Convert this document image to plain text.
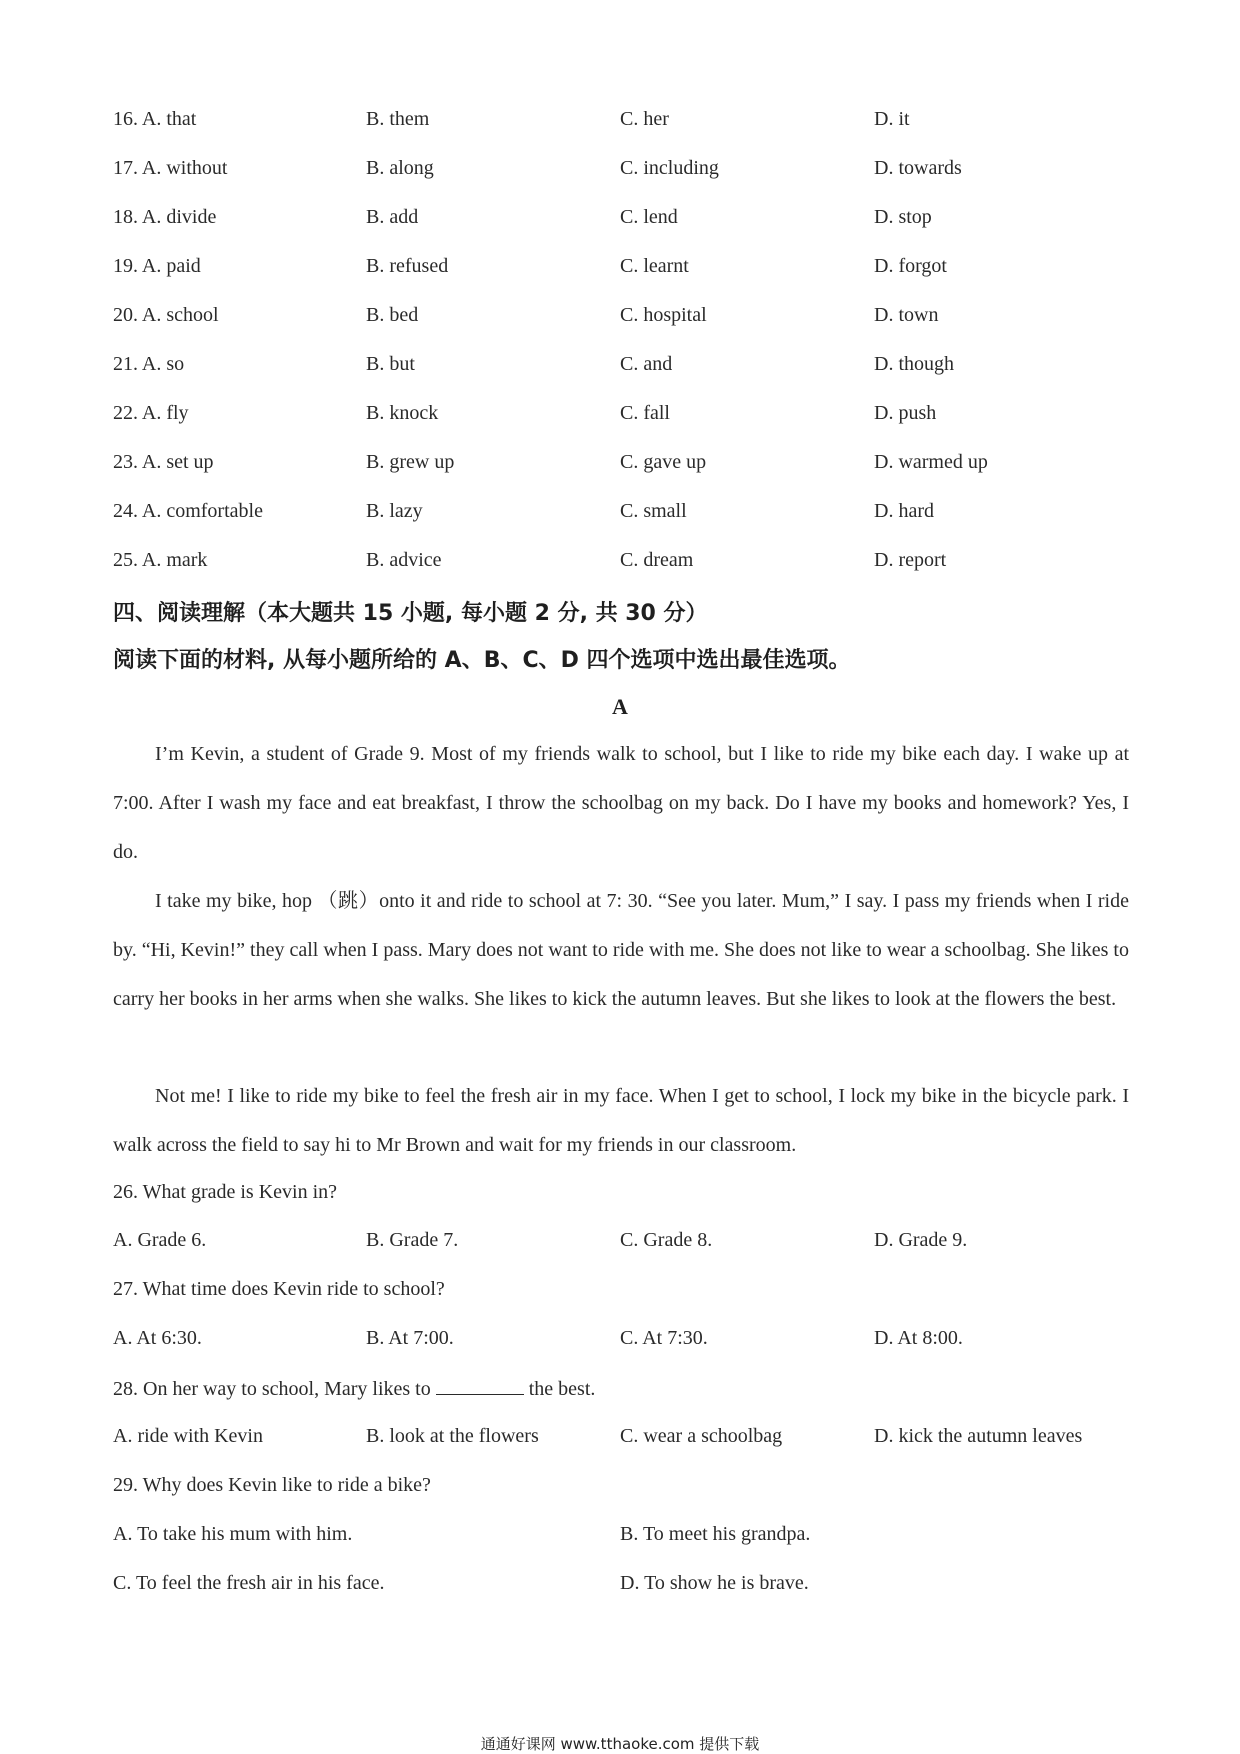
16. A. that	B. them	C. her	D. it
17. A. without	B. along	C. including	D. towards
18. A. divide	B. add	C. lend	D. stop
19. A. paid	B. refused	C. learnt	D. forgot
20. A. school	B. bed	C. hospital	D. town
21. A. so	B. but	C. and	D. though
22. A. fly	B. knock	C. fall	D. push
23. A. set up	B. grew up	C. gave up	D. warmed up
24. A. comfortable	B. lazy	C. small	D. hard
25. A. mark	B. advice	C. dream	D. report
四、阅读理解（本大题共 15 小题, 每小题 2 分, 共 30 分）
阅读下面的材料, 从每小题所给的 A、B、C、D 四个选项中选出最佳选项。
A
I’m Kevin, a student of Grade 9. Most of my friends walk to school, but I like to ride my bike each day. I wake up at 7:00. After I wash my face and eat breakfast, I throw the schoolbag on my back. Do I have my books and homework? Yes, I do.
I take my bike, hop （跳）onto it and ride to school at 7: 30. “See you later. Mum,” I say. I pass my friends when I ride by. “Hi, Kevin!” they call when I pass. Mary does not want to ride with me. She does not like to wear a schoolbag. She likes to carry her books in her arms when she walks. She likes to kick the autumn leaves. But she likes to look at the flowers the best.
Not me! I like to ride my bike to feel the fresh air in my face. When I get to school, I lock my bike in the bicycle park. I walk across the field to say hi to Mr Brown and wait for my friends in our classroom.
26. What grade is Kevin in?
A. Grade 6.	B. Grade 7.	C. Grade 8.	D. Grade 9.
27. What time does Kevin ride to school?
A. At 6:30.	B. At 7:00.	C. At 7:30.	D. At 8:00.
28. On her way to school, Mary likes to	the best.
A. ride with Kevin	B. look at the flowers	C. wear a schoolbag	D. kick the autumn leaves
29. Why does Kevin like to ride a bike?
A. To take his mum with him.	B. To meet his grandpa.
C. To feel the fresh air in his face.	D. To show he is brave.
通通好课网 www.tthaoke.com 提供下载
